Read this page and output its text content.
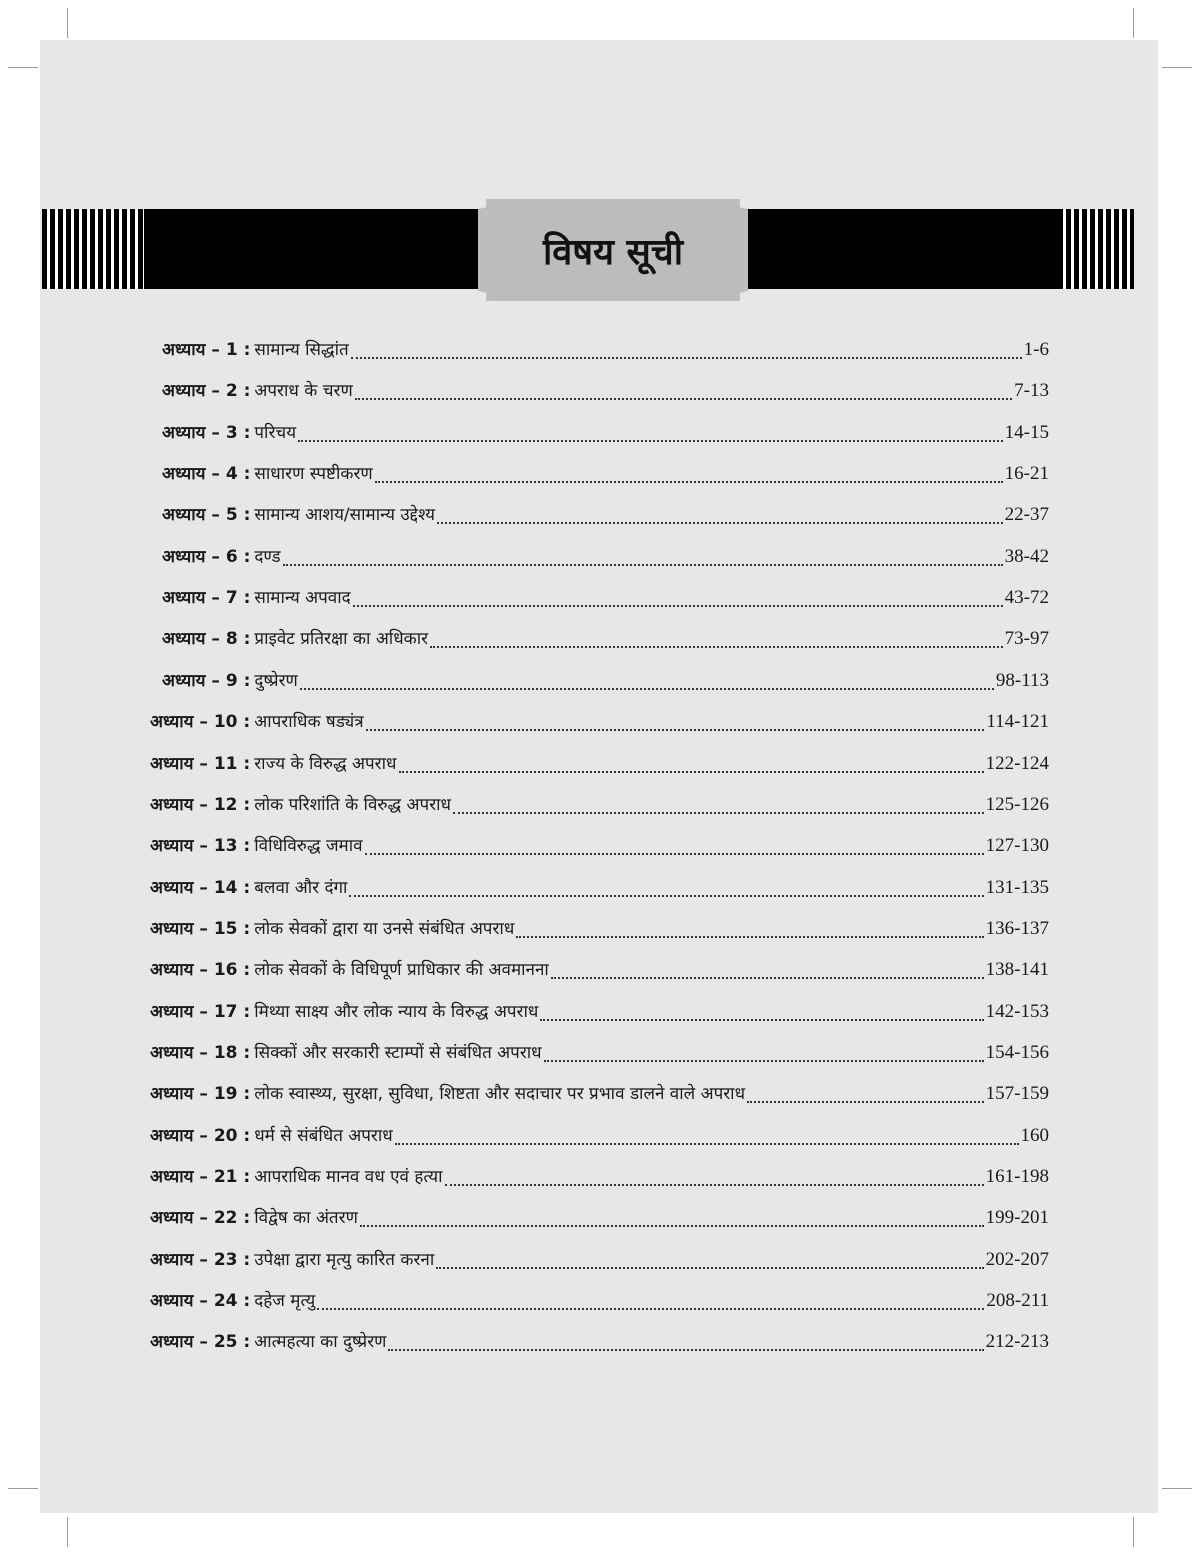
विषय सूची
अध्याय – 1 : सामान्य सिद्धांत	1-6
अध्याय – 2 : अपराध के चरण	7-13
अध्याय – 3 : परिचय	14-15
अध्याय – 4 : साधारण स्पष्टीकरण	16-21
अध्याय – 5 : सामान्य आशय/सामान्य उद्देश्य	22-37
अध्याय – 6 : दण्ड	38-42
अध्याय – 7 : सामान्य अपवाद	43-72
अध्याय – 8 : प्राइवेट प्रतिरक्षा का अधिकार	73-97
अध्याय – 9 : दुष्प्रेरण	98-113
अध्याय – 10 : आपराधिक षड्यंत्र	114-121
अध्याय – 11 : राज्य के विरुद्ध अपराध	122-124
अध्याय – 12 : लोक परिशांति के विरुद्ध अपराध	125-126
अध्याय – 13 : विधिविरुद्ध जमाव	127-130
अध्याय – 14 : बलवा और दंगा	131-135
अध्याय – 15 : लोक सेवकों द्वारा या उनसे संबंधित अपराध	136-137
अध्याय – 16 : लोक सेवकों के विधिपूर्ण प्राधिकार की अवमानना	138-141
अध्याय – 17 : मिथ्या साक्ष्य और लोक न्याय के विरुद्ध अपराध	142-153
अध्याय – 18 : सिक्कों और सरकारी स्टाम्पों से संबंधित अपराध	154-156
अध्याय – 19 : लोक स्वास्थ्य, सुरक्षा, सुविधा, शिष्टता और सदाचार पर प्रभाव डालने वाले अपराध	157-159
अध्याय – 20 : धर्म से संबंधित अपराध	160
अध्याय – 21 : आपराधिक मानव वध एवं हत्या	161-198
अध्याय – 22 : विद्वेष का अंतरण	199-201
अध्याय – 23 : उपेक्षा द्वारा मृत्यु कारित करना	202-207
अध्याय – 24 : दहेज मृत्यु	208-211
अध्याय – 25 : आत्महत्या का दुष्प्रेरण	212-213
